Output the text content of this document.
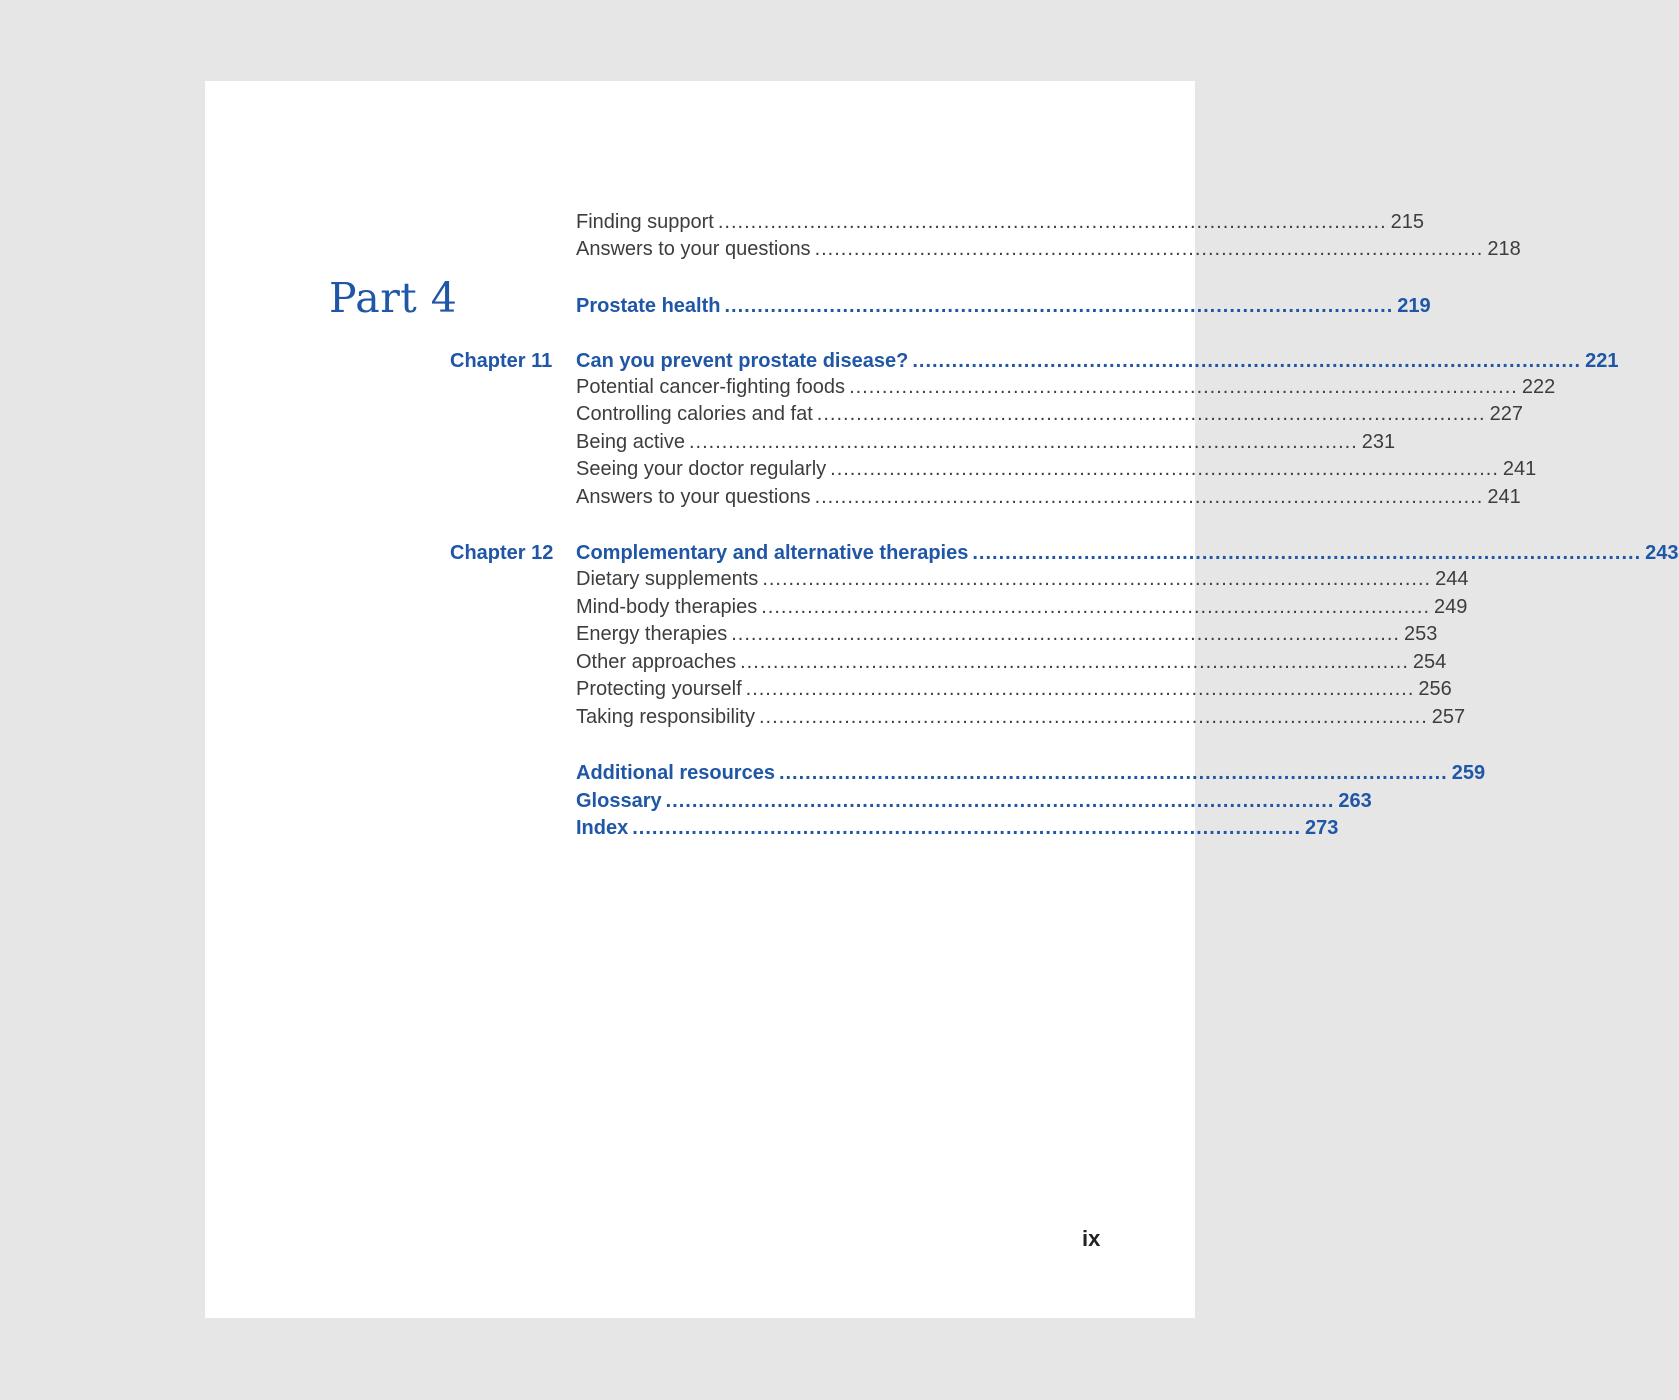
Part 4
Chapter 11
Chapter 12
Finding support ...................................................................................................... 215
Answers to your questions ...................................................................................................... 218
Prostate health ...................................................................................................... 219
Can you prevent prostate disease? ...................................................................................................... 221
Potential cancer-fighting foods ...................................................................................................... 222
Controlling calories and fat ...................................................................................................... 227
Being active ...................................................................................................... 231
Seeing your doctor regularly ...................................................................................................... 241
Answers to your questions ...................................................................................................... 241
Complementary and alternative therapies ...................................................................................................... 243
Dietary supplements ...................................................................................................... 244
Mind-body therapies ...................................................................................................... 249
Energy therapies ...................................................................................................... 253
Other approaches ...................................................................................................... 254
Protecting yourself ...................................................................................................... 256
Taking responsibility ...................................................................................................... 257
Additional resources ...................................................................................................... 259
Glossary ...................................................................................................... 263
Index ...................................................................................................... 273
ix
